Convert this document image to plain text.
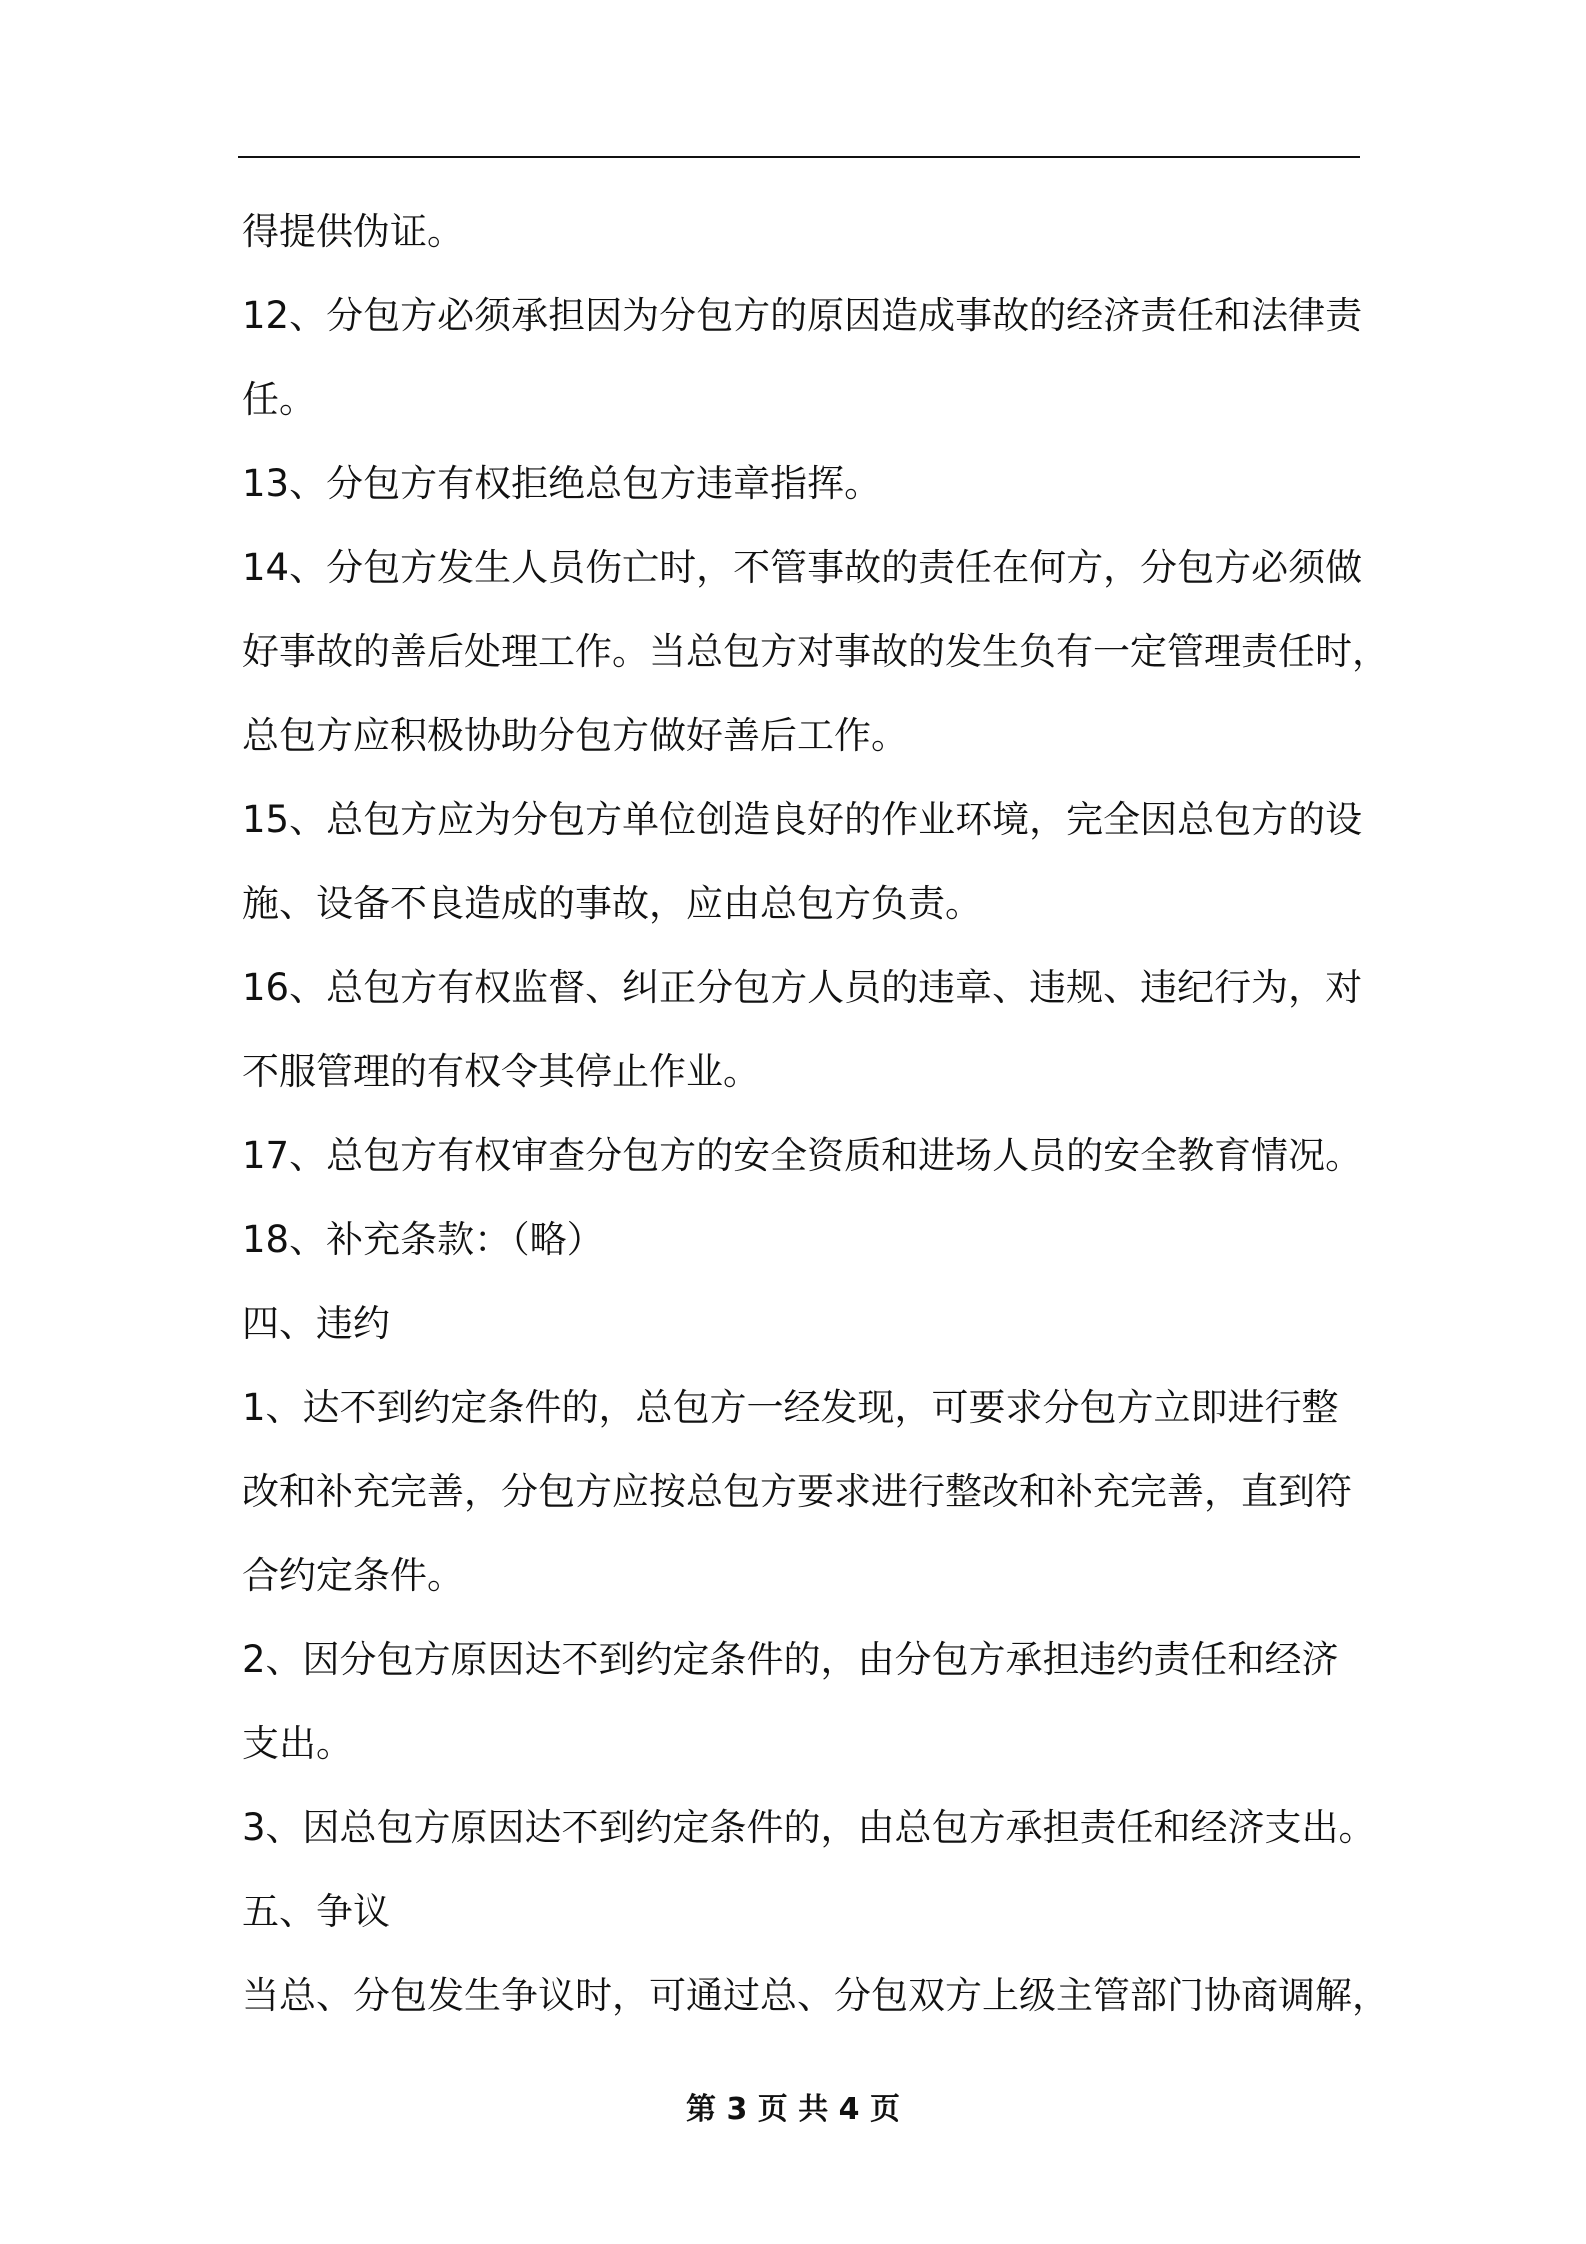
得提供伪证。
12、分包方必须承担因为分包方的原因造成事故的经济责任和法律责
任。
13、分包方有权拒绝总包方违章指挥。
14、分包方发生人员伤亡时，不管事故的责任在何方，分包方必须做
好事故的善后处理工作。当总包方对事故的发生负有一定管理责任时，
总包方应积极协助分包方做好善后工作。
15、总包方应为分包方单位创造良好的作业环境，完全因总包方的设
施、设备不良造成的事故，应由总包方负责。
16、总包方有权监督、纠正分包方人员的违章、违规、违纪行为，对
不服管理的有权令其停止作业。
17、总包方有权审查分包方的安全资质和进场人员的安全教育情况。
18、补充条款：（略）
四、违约
1、达不到约定条件的，总包方一经发现，可要求分包方立即进行整
改和补充完善，分包方应按总包方要求进行整改和补充完善，直到符
合约定条件。
2、因分包方原因达不到约定条件的，由分包方承担违约责任和经济
支出。
3、因总包方原因达不到约定条件的，由总包方承担责任和经济支出。
五、争议
当总、分包发生争议时，可通过总、分包双方上级主管部门协商调解，
第 3 页 共 4 页
